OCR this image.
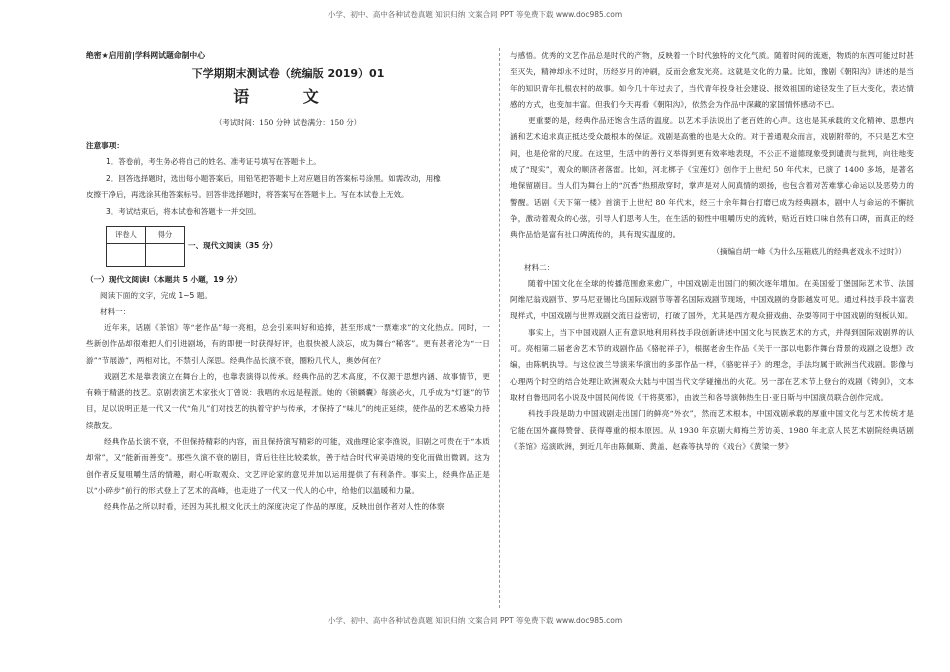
小学、初中、高中各种试卷真题 知识归纳 文案合同 PPT 等免费下载 www.doc985.com

绝密★启用前|学科网试题命制中心

下学期期末测试卷（统编版 2019）01
语 文
（考试时间：150 分钟 试卷满分：150 分）
注意事项：

1．答卷前，考生务必将自己的姓名、准考证号填写在答题卡上。

2．回答选择题时，选出每小题答案后，用铅笔把答题卡上对应题目的答案标号涂黑。如需改动，用橡

皮擦干净后，再选涂其他答案标号。回答非选择题时，将答案写在答题卡上。写在本试卷上无效。

3．考试结束后，将本试卷和答题卡一并交回。

评卷人	得分

一、现代文阅读（35 分）
（一）现代文阅读Ⅰ（本题共 5 小题，19 分）

阅读下面的文字，完成 1~5 题。

材料一：

近年来，话剧《茶馆》等“老作品”每一亮相，总会引来叫好和追捧，甚至形成“一票难求”的文化热点。同时，一些新创作品却很难把人们引进剧场，有的即便一时获得好评，也很快被人淡忘，成为舞台“稀客”。更有甚者沦为“一日游”“节展游”，两相对比，不禁引人深思。经典作品长演不衰，圈粉几代人，奥妙何在？

戏剧艺术是靠表演立在舞台上的，也靠表演得以传承。经典作品的艺术高度，不仅源于思想内涵、故事情节，更有赖于精湛的技艺。京剧表演艺术家张火丁曾说：我唱的水远是程派。她的《锁麟囊》每演必火，几乎成为“灯谜”的节目，足以说明正是一代又一代“角儿”们对技艺的执着守护与传承，才保持了“味儿”的纯正延续，使作品的艺术感染力持续散发。

经典作品长演不衰，不但保持精彩的内容，而且保持演写精彩的可能，戏曲理论家李渔说，旧剧之可贵在于“本质却常”，又“能新而善变”。那些久演不衰的剧目，背后往往比较柔软，善于结合时代审美语境的变化而做出微调。这为创作者反复咀嚼生活的情趣，耐心听取观众、文艺评论家的意见并加以运用提供了有利条件。事实上，经典作品正是以“小碎步”前行的形式登上了艺术的高峰，也走进了一代又一代人的心中，给他们以温暖和力量。

经典作品之所以时看，还因为其扎根文化沃土的深度决定了作品的厚度，反映出创作者对人性的体察

与感悟。优秀的文艺作品总是时代的产物，反映着一个时代独特的文化气质。随着时间的流逝，物质的东西可能过时甚至灭失，精神却永不过时，历经岁月的冲刷，反而会愈发光亮。这就是文化的力量。比如，豫剧《朝阳沟》讲述的是当年的知识青年扎根农村的故事。如今几十年过去了，当代青年投身社会建设、报效祖国的途径发生了巨大变化，表达情感的方式，也变加丰富。但我们今天再看《朝阳沟》，依然会为作品中深藏的家国情怀感动不已。

更重要的是，经典作品还饱含生活的温度。以艺术手法说出了老百姓的心声。这也是其承载的文化精神、思想内涵和艺术追求真正抵达受众最根本的保证。戏剧是高雅的也是大众的。对于普通观众而言，戏剧附带的，不只是艺术空间，也是伦常的尺度。在这里，生活中的善行义举得到更有效率地表现，不公正不道德现象受到谴责与批判，向往地变成了“现实”，观众的顺济者落雷。比如，河北梆子《宝莲灯》创作于上世纪 50 年代末，已演了 1400 多场，是著名地保留剧目。当人们为舞台上的“沉香”热照敌穿时，掌声是对人间真情的颂扬，也包含着对苦难掌心命运以及恶势力的警醒。话剧《天下第一楼》首演于上世纪 80 年代末，经三十余年舞台打磨已成为经典剧本，剧中人与命运的不懈抗争，激动着观众的心弦，引导人们思考人生，在生活的韧性中咀嚼历史的流转，贴近百姓口味自然有口碑，而真正的经典作品恰是富有社口碑流传的，具有现实温度的。

（摘编自胡一峰《为什么压箱底儿的经典老戏永不过时》）

材料二：

随着中国文化在全球的传播范围愈来愈广，中国戏剧走出国门的频次逐年增加。在美国爱丁堡国际艺术节、法国阿维尼翁戏剧节、罗马尼亚锡比乌国际戏剧节等著名国际戏剧节现场，中国戏剧的身影越发可见。通过科技手段丰富表现样式，中国戏剧与世界戏剧交流日益密切，打破了国外，尤其是西方观众猎戏曲、杂耍等同于中国戏剧的刻板认知。

事实上，当下中国戏剧人正有意识地利用科技手段创新讲述中国文化与民族艺术的方式，并得到国际戏剧界的认可。亮相第二届老舍艺术节的戏剧作品《骆驼祥子》，根据老舍生作品《关于一部以电影作舞台背景的戏剧之设想》改编，由陈帆执导。与这位波兰导演来华演出的多部作品一样，《骆驼祥子》的理念，手法均属于欧洲当代戏剧。影像与心理两个时空的结合处理让欧洲观众大陆与中国当代文学碰撞出的火花。另一部在艺术节上登台的戏剧《铸剑》，文本取材自鲁迅同名小说及中国民间传说《干将莫邪》，由波兰和各导演韩热生日·亚日斯与中国演员联合创作完成。

科技手段是助力中国戏剧走出国门的鲜亮“外衣”，然而艺术根本，中国戏剧承载的厚重中国文化与艺术传统才是它能在国外赢得赞誉、获得尊重的根本原因。从 1930 年京剧大师梅兰芳访美、1980 年北京人民艺术剧院经典话剧《茶馆》巡演欧洲，到近几年由陈佩斯、黄盖、赵森等执导的《戏台》《黄梁一梦》

小学、初中、高中各种试卷真题 知识归纳 文案合同 PPT 等免费下载 www.doc985.com
